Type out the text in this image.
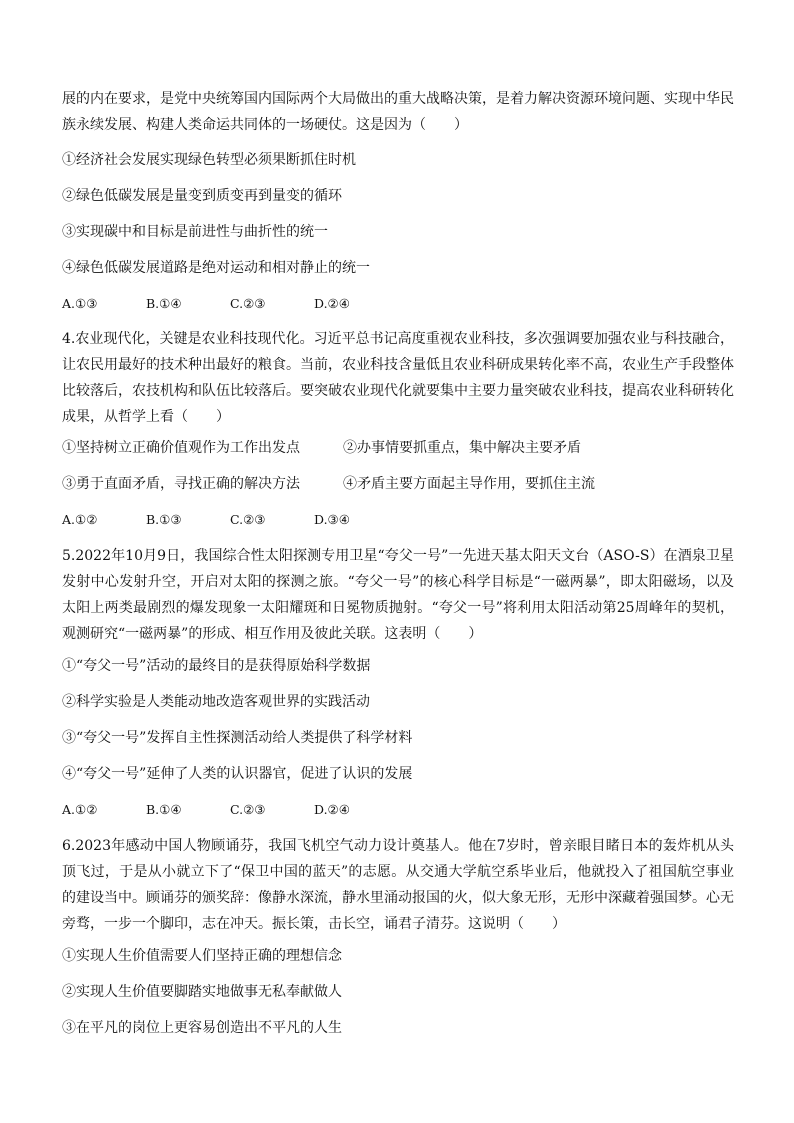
展的内在要求，是党中央统筹国内国际两个大局做出的重大战略决策，是着力解决资源环境问题、实现中华民族永续发展、构建人类命运共同体的一场硬仗。这是因为（　　）

①经济社会发展实现绿色转型必须果断抓住时机
②绿色低碳发展是量变到质变再到量变的循环
③实现碳中和目标是前进性与曲折性的统一
④绿色低碳发展道路是绝对运动和相对静止的统一
A.①③	B.①④	C.②③	D.②④

4.农业现代化，关键是农业科技现代化。习近平总书记高度重视农业科技，多次强调要加强农业与科技融合，让农民用最好的技术种出最好的粮食。当前，农业科技含量低且农业科研成果转化率不高，农业生产手段整体比较落后，农技机构和队伍比较落后。要突破农业现代化就要集中主要力量突破农业科技，提高农业科研转化成果，从哲学上看（　　）

①坚持树立正确价值观作为工作出发点	②办事情要抓重点，集中解决主要矛盾
③勇于直面矛盾，寻找正确的解决方法	④矛盾主要方面起主导作用，要抓住主流
A.①②	B.①③	C.②③	D.③④

5.2022年10月9日，我国综合性太阳探测专用卫星“夸父一号”一先进天基太阳天文台（ASO-S）在酒泉卫星发射中心发射升空，开启对太阳的探测之旅。“夸父一号”的核心科学目标是“一磁两暴”，即太阳磁场，以及太阳上两类最剧烈的爆发现象一太阳耀斑和日冕物质抛射。“夸父一号”将利用太阳活动第25周峰年的契机，观测研究“一磁两暴”的形成、相互作用及彼此关联。这表明（　　）

①“夸父一号”活动的最终目的是获得原始科学数据
②科学实验是人类能动地改造客观世界的实践活动
③“夸父一号”发挥自主性探测活动给人类提供了科学材料
④“夸父一号”延伸了人类的认识器官，促进了认识的发展
A.①②	B.①④	C.②③	D.②④

6.2023年感动中国人物顾诵芬，我国飞机空气动力设计奠基人。他在7岁时，曾亲眼目睹日本的轰炸机从头顶飞过，于是从小就立下了“保卫中国的蓝天”的志愿。从交通大学航空系毕业后，他就投入了祖国航空事业的建设当中。顾诵芬的颁奖辞：像静水深流，静水里涌动报国的火，似大象无形，无形中深藏着强国梦。心无旁骛，一步一个脚印，志在冲天。振长策，击长空，诵君子清芬。这说明（　　）

①实现人生价值需要人们坚持正确的理想信念
②实现人生价值要脚踏实地做事无私奉献做人
③在平凡的岗位上更容易创造出不平凡的人生
